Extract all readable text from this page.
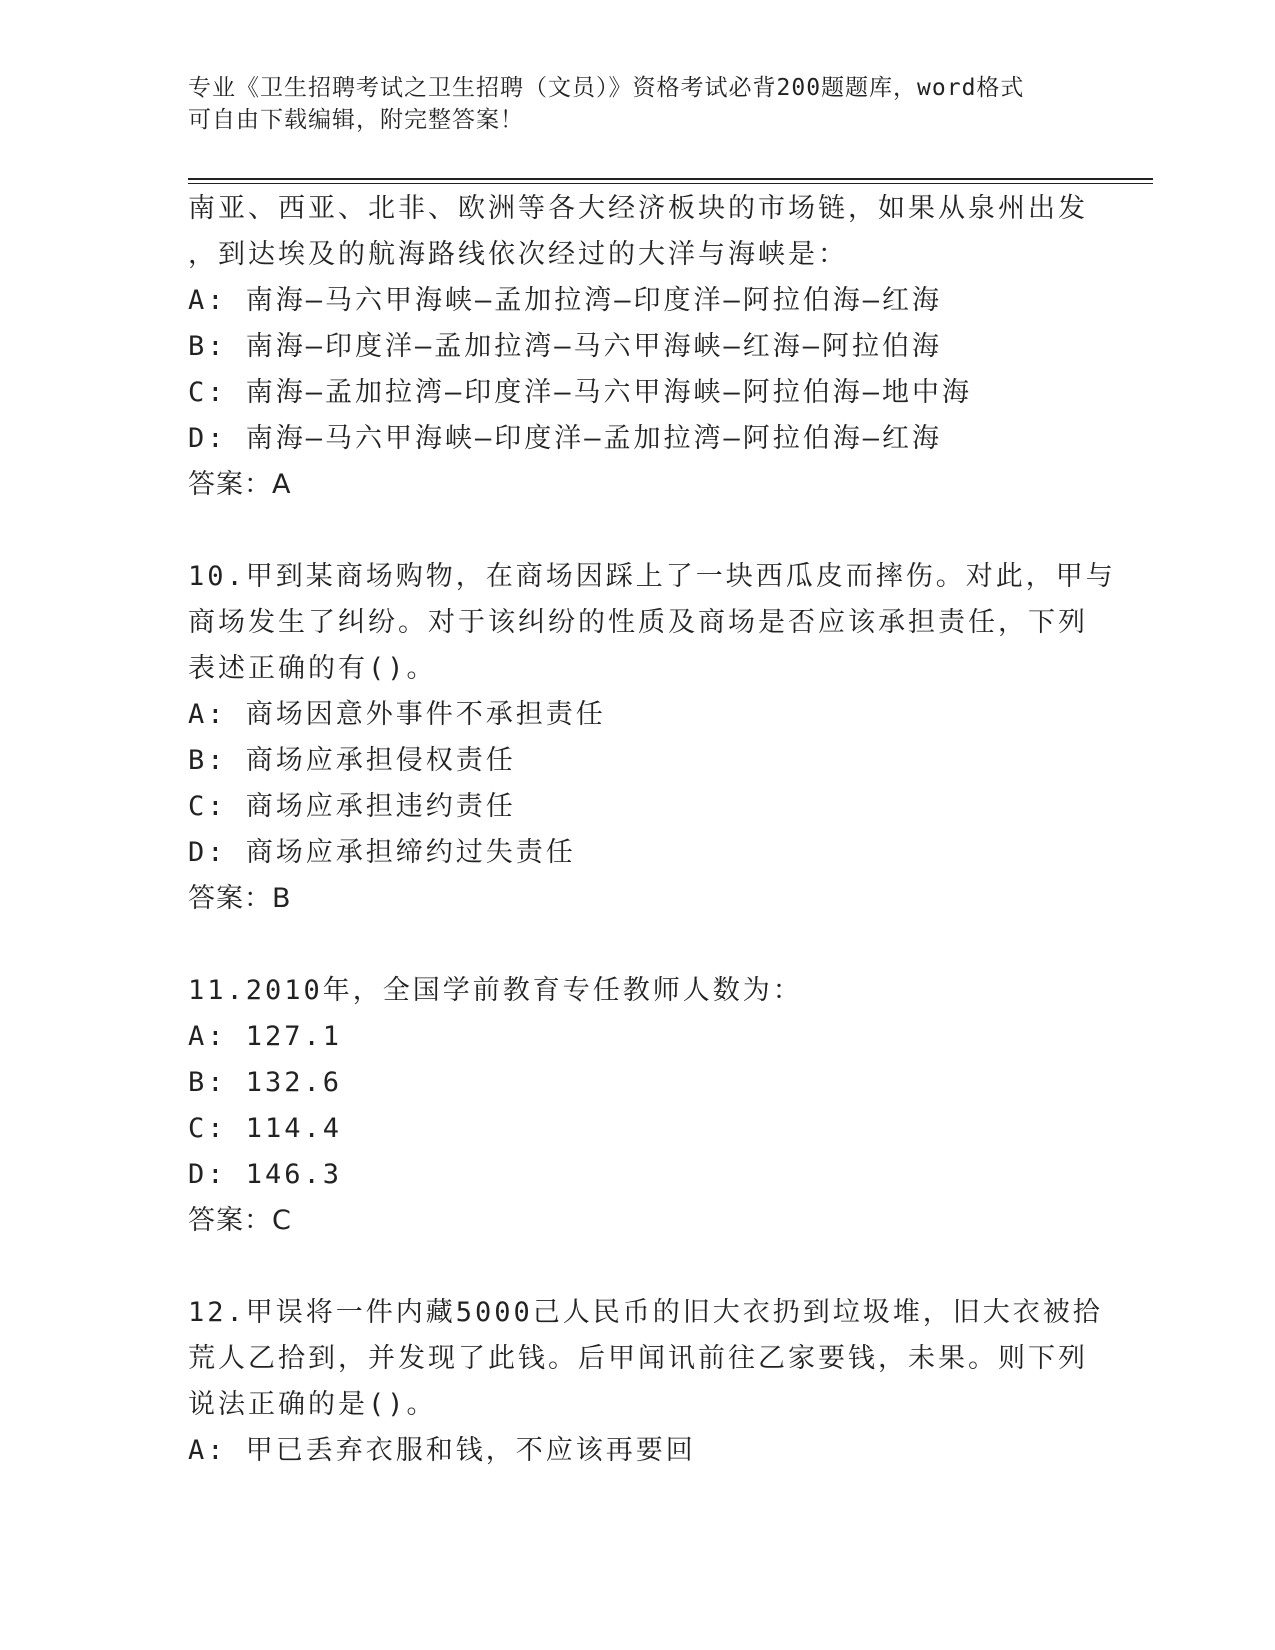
专业《卫生招聘考试之卫生招聘（文员）》资格考试必背200题题库，word格式
可自由下载编辑，附完整答案！
南亚、西亚、北非、欧洲等各大经济板块的市场链，如果从泉州出发
，到达埃及的航海路线依次经过的大洋与海峡是：
A: 南海—马六甲海峡—孟加拉湾—印度洋—阿拉伯海—红海
B: 南海—印度洋—孟加拉湾—马六甲海峡—红海—阿拉伯海
C: 南海—孟加拉湾—印度洋—马六甲海峡—阿拉伯海—地中海
D: 南海—马六甲海峡—印度洋—孟加拉湾—阿拉伯海—红海
答案：A
10.甲到某商场购物，在商场因踩上了一块西瓜皮而摔伤。对此，甲与
商场发生了纠纷。对于该纠纷的性质及商场是否应该承担责任，下列
表述正确的有()。
A: 商场因意外事件不承担责任
B: 商场应承担侵权责任
C: 商场应承担违约责任
D: 商场应承担缔约过失责任
答案：B
11.2010年，全国学前教育专任教师人数为：
A: 127.1
B: 132.6
C: 114.4
D: 146.3
答案：C
12.甲误将一件内藏5000己人民币的旧大衣扔到垃圾堆，旧大衣被拾
荒人乙拾到，并发现了此钱。后甲闻讯前往乙家要钱，未果。则下列
说法正确的是()。
A: 甲已丢弃衣服和钱，不应该再要回
